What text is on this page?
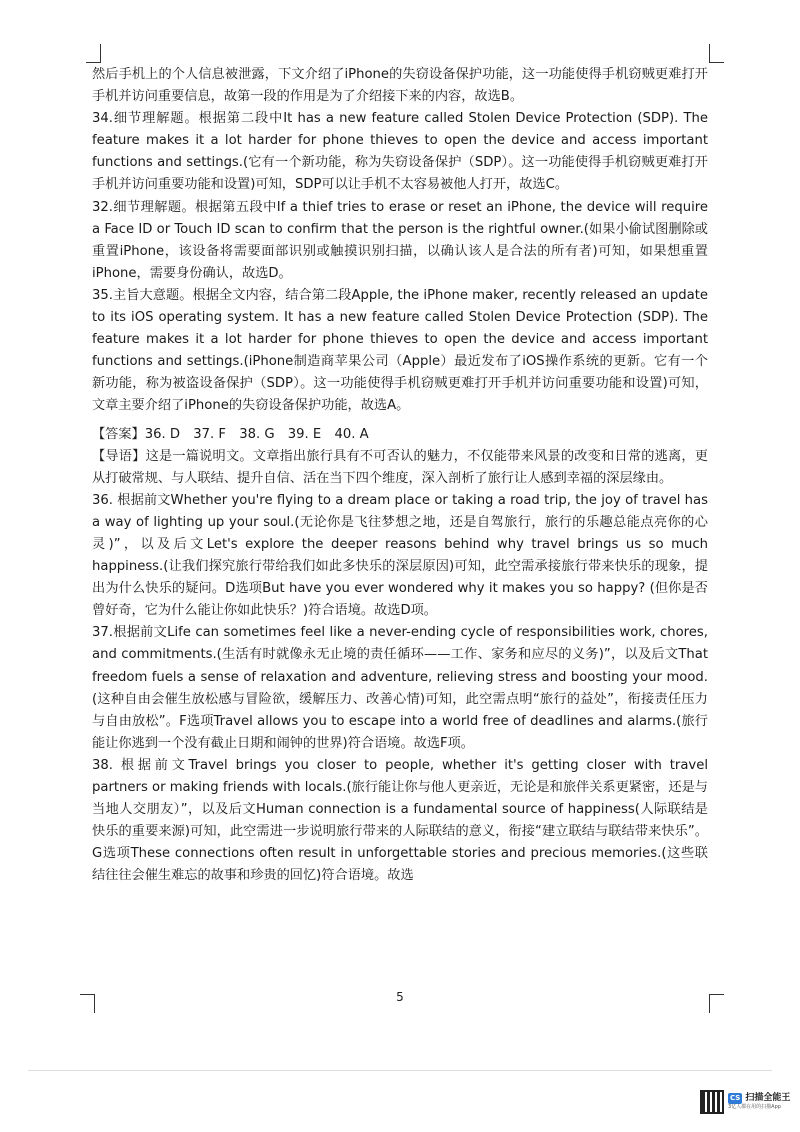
然后手机上的个人信息被泄露，下文介绍了iPhone的失窃设备保护功能，这一功能使得手机窃贼更难打开手机并访问重要信息，故第一段的作用是为了介绍接下来的内容，故选B。

34.细节理解题。根据第二段中It has a new feature called Stolen Device Protection (SDP). The feature makes it a lot harder for phone thieves to open the device and access important functions and settings.(它有一个新功能，称为失窃设备保护（SDP）。这一功能使得手机窃贼更难打开手机并访问重要功能和设置)可知，SDP可以让手机不太容易被他人打开，故选C。

32.细节理解题。根据第五段中If a thief tries to erase or reset an iPhone, the device will require a Face ID or Touch ID scan to confirm that the person is the rightful owner.(如果小偷试图删除或重置iPhone，该设备将需要面部识别或触摸识别扫描，以确认该人是合法的所有者)可知，如果想重置iPhone，需要身份确认，故选D。

35.主旨大意题。根据全文内容，结合第二段Apple, the iPhone maker, recently released an update to its iOS operating system. It has a new feature called Stolen Device Protection (SDP). The feature makes it a lot harder for phone thieves to open the device and access important functions and settings.(iPhone制造商苹果公司（Apple）最近发布了iOS操作系统的更新。它有一个新功能，称为被盗设备保护（SDP）。这一功能使得手机窃贼更难打开手机并访问重要功能和设置)可知，文章主要介绍了iPhone的失窃设备保护功能，故选A。

【答案】36. D　37. F　38. G　39. E　40. A

【导语】这是一篇说明文。文章指出旅行具有不可否认的魅力，不仅能带来风景的改变和日常的逃离，更从打破常规、与人联结、提升自信、活在当下四个维度，深入剖析了旅行让人感到幸福的深层缘由。

36. 根据前文Whether you're flying to a dream place or taking a road trip, the joy of travel has a way of lighting up your soul.(无论你是飞往梦想之地，还是自驾旅行，旅行的乐趣总能点亮你的心灵)”，以及后文Let's explore the deeper reasons behind why travel brings us so much happiness.(让我们探究旅行带给我们如此多快乐的深层原因)可知，此空需承接旅行带来快乐的现象，提出为什么快乐的疑问。D选项But have you ever wondered why it makes you so happy? (但你是否曾好奇，它为什么能让你如此快乐？)符合语境。故选D项。

37.根据前文Life can sometimes feel like a never-ending cycle of responsibilities work, chores, and commitments.(生活有时就像永无止境的责任循环——工作、家务和应尽的义务)”，以及后文That freedom fuels a sense of relaxation and adventure, relieving stress and boosting your mood.(这种自由会催生放松感与冒险欲，缓解压力、改善心情)可知，此空需点明“旅行的益处”，衔接责任压力与自由放松”。F选项Travel allows you to escape into a world free of deadlines and alarms.(旅行能让你逃到一个没有截止日期和闹钟的世界)符合语境。故选F项。

38. 根据前文Travel brings you closer to people, whether it's getting closer with travel partners or making friends with locals.(旅行能让你与他人更亲近，无论是和旅伴关系更紧密，还是与当地人交朋友）”，以及后文Human connection is a fundamental source of happiness(人际联结是快乐的重要来源)可知，此空需进一步说明旅行带来的人际联结的意义，衔接“建立联结与联结带来快乐”。G选项These connections often result in unforgettable stories and precious memories.(这些联结往往会催生难忘的故事和珍贵的回忆)符合语境。故选

5
CS 扫描全能王
3亿人都在用的扫描App
